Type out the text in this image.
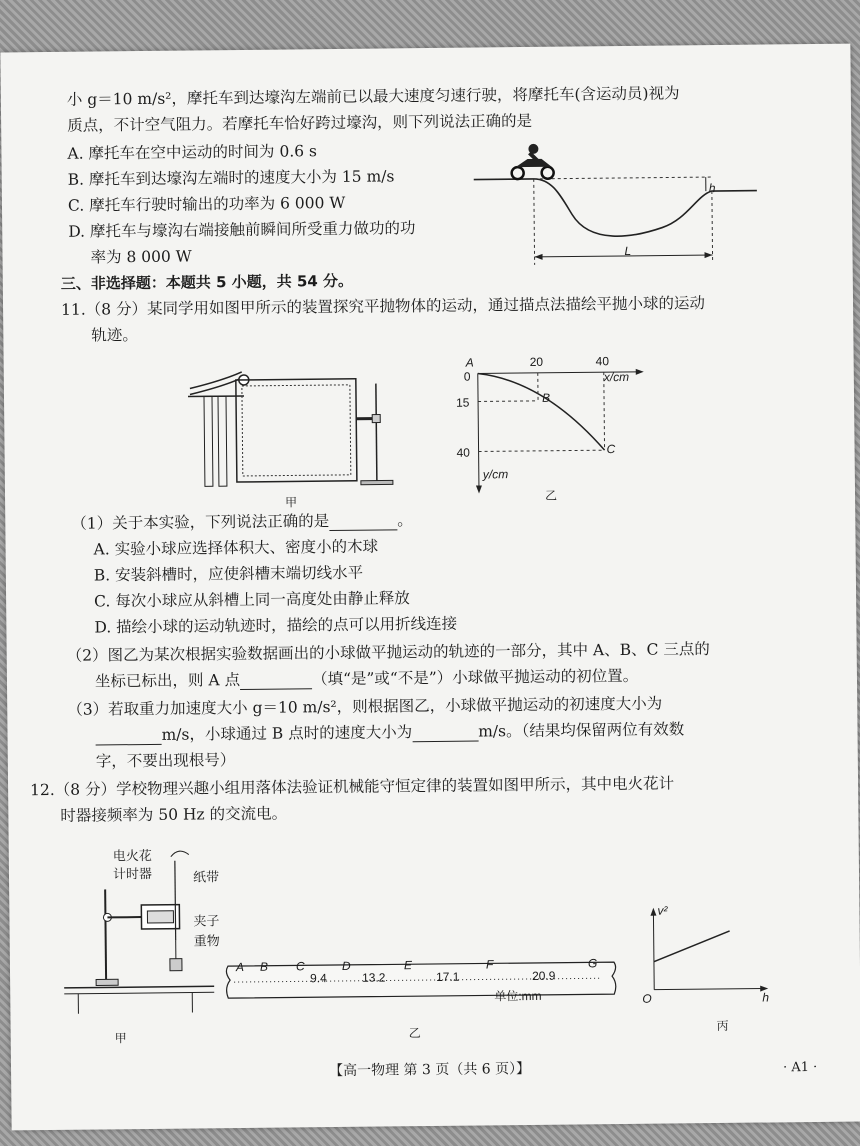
小 g＝10 m/s²，摩托车到达壕沟左端前已以最大速度匀速行驶，将摩托车(含运动员)视为
质点，不计空气阻力。若摩托车恰好跨过壕沟，则下列说法正确的是
A. 摩托车在空中运动的时间为 0.6 s
B. 摩托车到达壕沟左端时的速度大小为 15 m/s
C. 摩托车行驶时输出的功率为 6 000 W
D. 摩托车与壕沟右端接触前瞬间所受重力做功的功
率为 8 000 W
h
L
三、非选择题：本题共 5 小题，共 54 分。
11.（8 分）某同学用如图甲所示的装置探究平抛物体的运动，通过描点法描绘平抛小球的运动
轨迹。
甲
A
B
C
0
20	40
x/cm
15
40
y/cm
乙
（1）关于本实验，下列说法正确的是	。
A. 实验小球应选择体积大、密度小的木球
B. 安装斜槽时，应使斜槽末端切线水平
C. 每次小球应从斜槽上同一高度处由静止释放
D. 描绘小球的运动轨迹时，描绘的点可以用折线连接
（2）图乙为某次根据实验数据画出的小球做平抛运动的轨迹的一部分，其中 A、B、C 三点的
坐标已标出，则 A 点	（填“是”或“不是”）小球做平抛运动的初位置。
（3）若取重力加速度大小 g＝10 m/s²，则根据图乙，小球做平抛运动的初速度大小为
m/s，小球通过 B 点时的速度大小为	m/s。（结果均保留两位有效数
字，不要出现根号）
12.（8 分）学校物理兴趣小组用落体法验证机械能守恒定律的装置如图甲所示，其中电火花计
时器接频率为 50 Hz 的交流电。
电火花
计时器	纸带
夹子
重物
甲
A B C	D	E	F	G
9.4	13.2	17.1	20.9
单位:mm
乙
v²
h
O
丙
【高一物理 第 3 页（共 6 页）】	· A1 ·
